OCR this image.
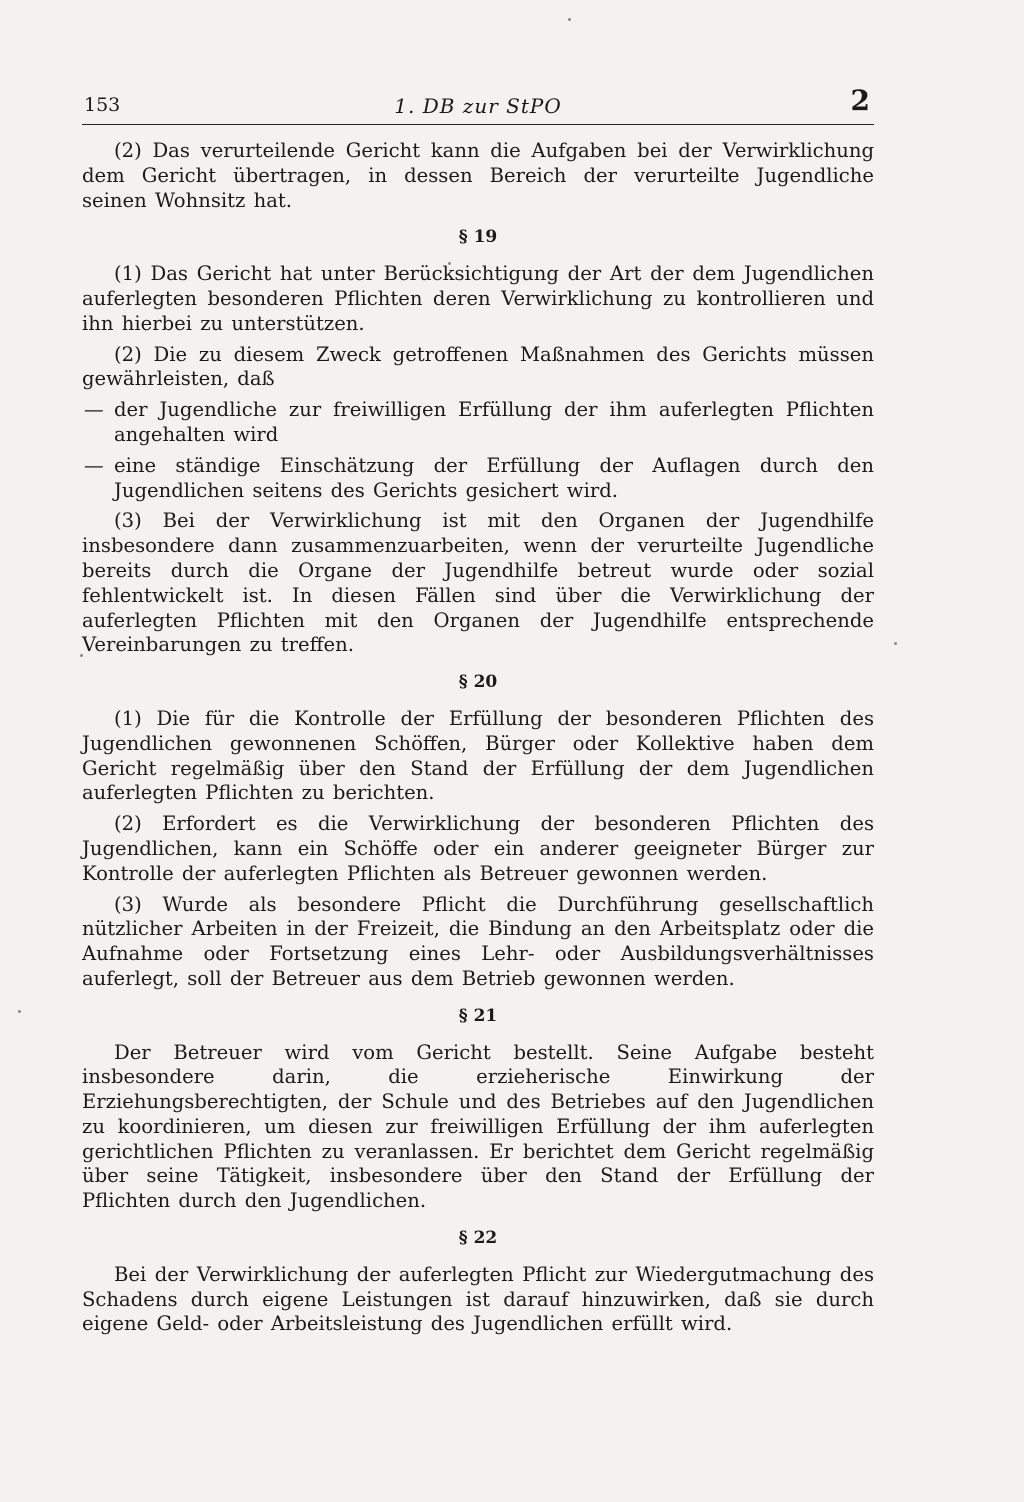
153	1. DB zur StPO	2

(2) Das verurteilende Gericht kann die Aufgaben bei der Verwirklichung dem Gericht übertragen, in dessen Bereich der verurteilte Jugendliche seinen Wohnsitz hat.

§ 19

(1) Das Gericht hat unter Berücksichtigung der Art der dem Jugendlichen auferlegten besonderen Pflichten deren Verwirklichung zu kontrollieren und ihn hierbei zu unterstützen.

(2) Die zu diesem Zweck getroffenen Maßnahmen des Gerichts müssen gewährleisten, daß

— der Jugendliche zur freiwilligen Erfüllung der ihm auferlegten Pflichten angehalten wird
— eine ständige Einschätzung der Erfüllung der Auflagen durch den Jugendlichen seitens des Gerichts gesichert wird.

(3) Bei der Verwirklichung ist mit den Organen der Jugendhilfe insbesondere dann zusammenzuarbeiten, wenn der verurteilte Jugendliche bereits durch die Organe der Jugendhilfe betreut wurde oder sozial fehlentwickelt ist. In diesen Fällen sind über die Verwirklichung der auferlegten Pflichten mit den Organen der Jugendhilfe entsprechende Vereinbarungen zu treffen.

§ 20

(1) Die für die Kontrolle der Erfüllung der besonderen Pflichten des Jugendlichen gewonnenen Schöffen, Bürger oder Kollektive haben dem Gericht regelmäßig über den Stand der Erfüllung der dem Jugendlichen auferlegten Pflichten zu berichten.

(2) Erfordert es die Verwirklichung der besonderen Pflichten des Jugendlichen, kann ein Schöffe oder ein anderer geeigneter Bürger zur Kontrolle der auferlegten Pflichten als Betreuer gewonnen werden.

(3) Wurde als besondere Pflicht die Durchführung gesellschaftlich nützlicher Arbeiten in der Freizeit, die Bindung an den Arbeitsplatz oder die Aufnahme oder Fortsetzung eines Lehr- oder Ausbildungsverhältnisses auferlegt, soll der Betreuer aus dem Betrieb gewonnen werden.

§ 21

Der Betreuer wird vom Gericht bestellt. Seine Aufgabe besteht insbesondere darin, die erzieherische Einwirkung der Erziehungsberechtigten, der Schule und des Betriebes auf den Jugendlichen zu koordinieren, um diesen zur freiwilligen Erfüllung der ihm auferlegten gerichtlichen Pflichten zu veranlassen. Er berichtet dem Gericht regelmäßig über seine Tätigkeit, insbesondere über den Stand der Erfüllung der Pflichten durch den Jugendlichen.

§ 22

Bei der Verwirklichung der auferlegten Pflicht zur Wiedergutmachung des Schadens durch eigene Leistungen ist darauf hinzuwirken, daß sie durch eigene Geld- oder Arbeitsleistung des Jugendlichen erfüllt wird.
